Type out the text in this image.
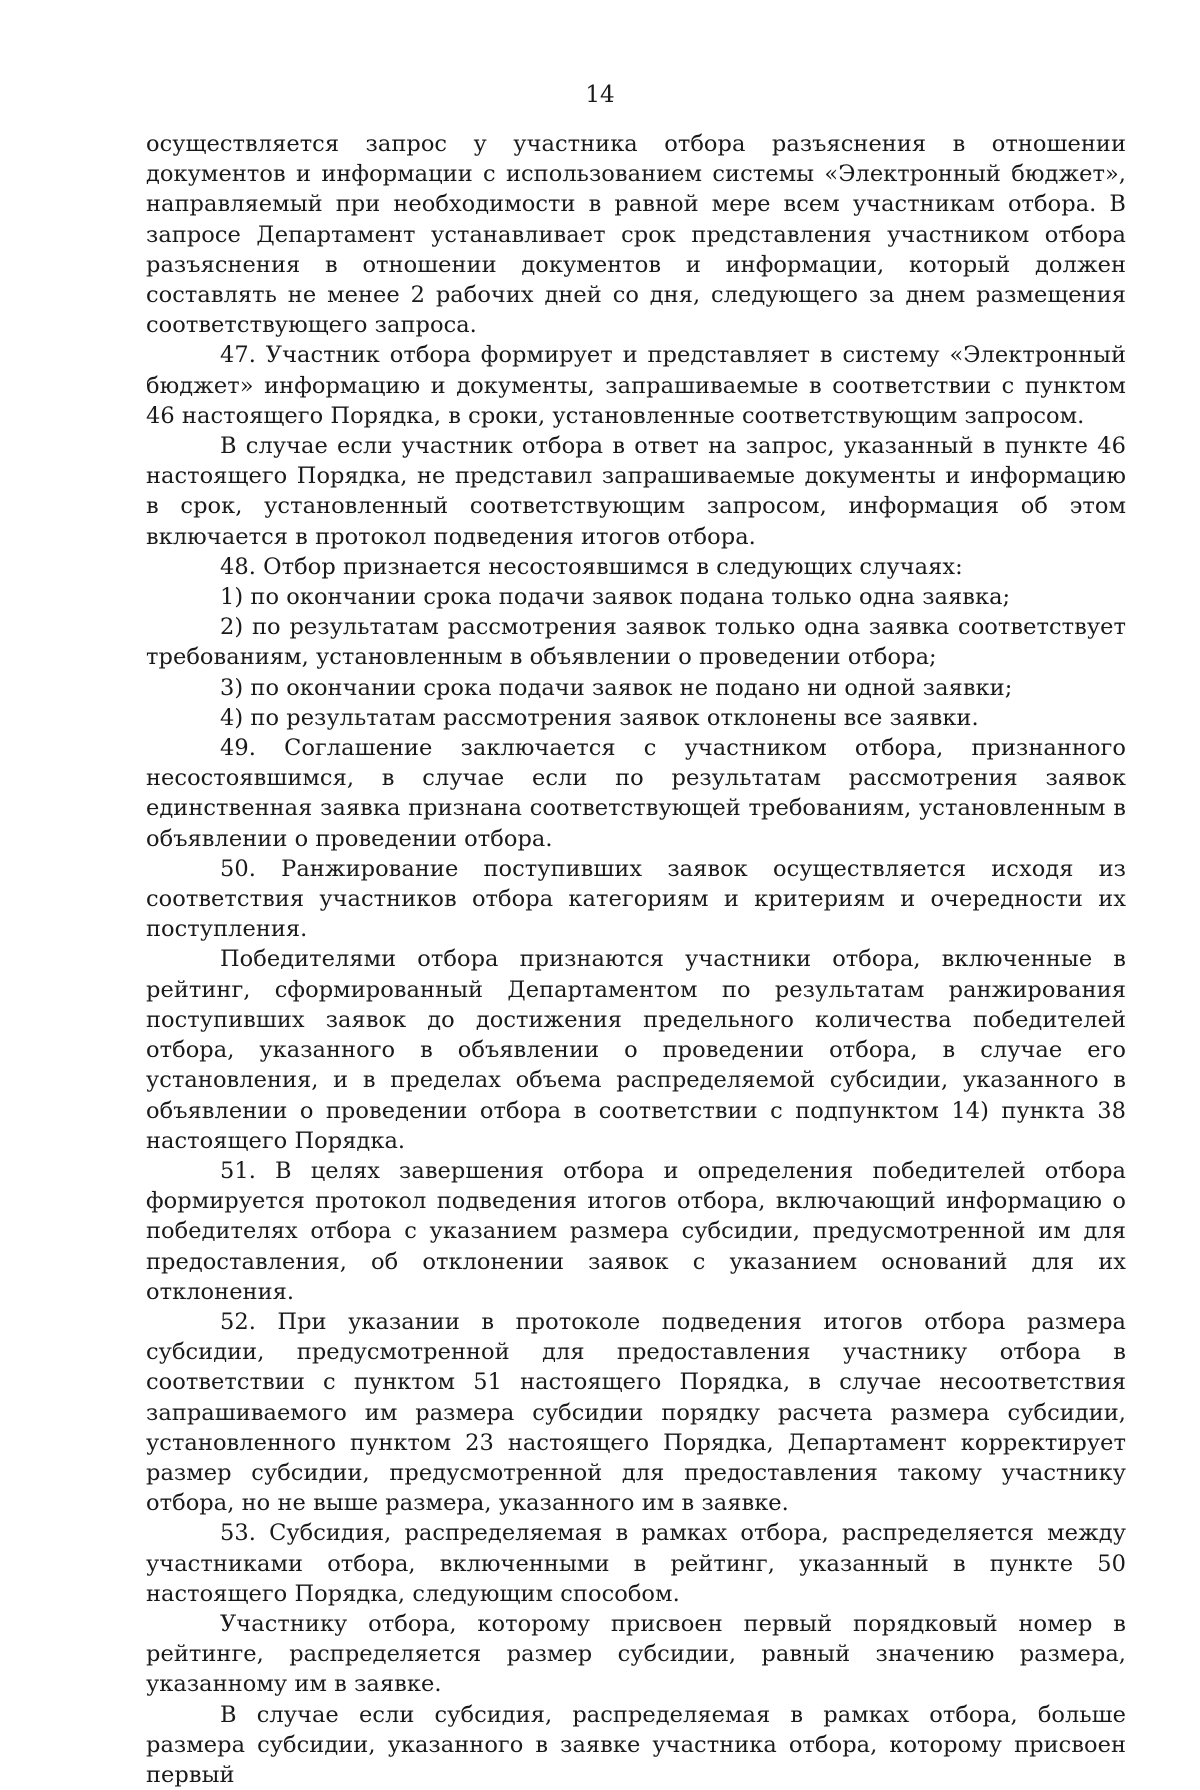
14

осуществляется запрос у участника отбора разъяснения в отношении документов и информации с использованием системы «Электронный бюджет», направляемый при необходимости в равной мере всем участникам отбора. В запросе Департамент устанавливает срок представления участником отбора разъяснения в отношении документов и информации, который должен составлять не менее 2 рабочих дней со дня, следующего за днем размещения соответствующего запроса.

47. Участник отбора формирует и представляет в систему «Электронный бюджет» информацию и документы, запрашиваемые в соответствии с пунктом 46 настоящего Порядка, в сроки, установленные соответствующим запросом.

В случае если участник отбора в ответ на запрос, указанный в пункте 46 настоящего Порядка, не представил запрашиваемые документы и информацию в срок, установленный соответствующим запросом, информация об этом включается в протокол подведения итогов отбора.

48. Отбор признается несостоявшимся в следующих случаях:

1) по окончании срока подачи заявок подана только одна заявка;

2) по результатам рассмотрения заявок только одна заявка соответствует требованиям, установленным в объявлении о проведении отбора;

3) по окончании срока подачи заявок не подано ни одной заявки;

4) по результатам рассмотрения заявок отклонены все заявки.

49. Соглашение заключается с участником отбора, признанного несостоявшимся, в случае если по результатам рассмотрения заявок единственная заявка признана соответствующей требованиям, установленным в объявлении о проведении отбора.

50. Ранжирование поступивших заявок осуществляется исходя из соответствия участников отбора категориям и критериям и очередности их поступления.

Победителями отбора признаются участники отбора, включенные в рейтинг, сформированный Департаментом по результатам ранжирования поступивших заявок до достижения предельного количества победителей отбора, указанного в объявлении о проведении отбора, в случае его установления, и в пределах объема распределяемой субсидии, указанного в объявлении о проведении отбора в соответствии с подпунктом 14) пункта 38 настоящего Порядка.

51. В целях завершения отбора и определения победителей отбора формируется протокол подведения итогов отбора, включающий информацию о победителях отбора с указанием размера субсидии, предусмотренной им для предоставления, об отклонении заявок с указанием оснований для их отклонения.

52. При указании в протоколе подведения итогов отбора размера субсидии, предусмотренной для предоставления участнику отбора в соответствии с пунктом 51 настоящего Порядка, в случае несоответствия запрашиваемого им размера субсидии порядку расчета размера субсидии, установленного пунктом 23 настоящего Порядка, Департамент корректирует размер субсидии, предусмотренной для предоставления такому участнику отбора, но не выше размера, указанного им в заявке.

53. Субсидия, распределяемая в рамках отбора, распределяется между участниками отбора, включенными в рейтинг, указанный в пункте 50 настоящего Порядка, следующим способом.

Участнику отбора, которому присвоен первый порядковый номер в рейтинге, распределяется размер субсидии, равный значению размера, указанному им в заявке.

В случае если субсидия, распределяемая в рамках отбора, больше размера субсидии, указанного в заявке участника отбора, которому присвоен первый
